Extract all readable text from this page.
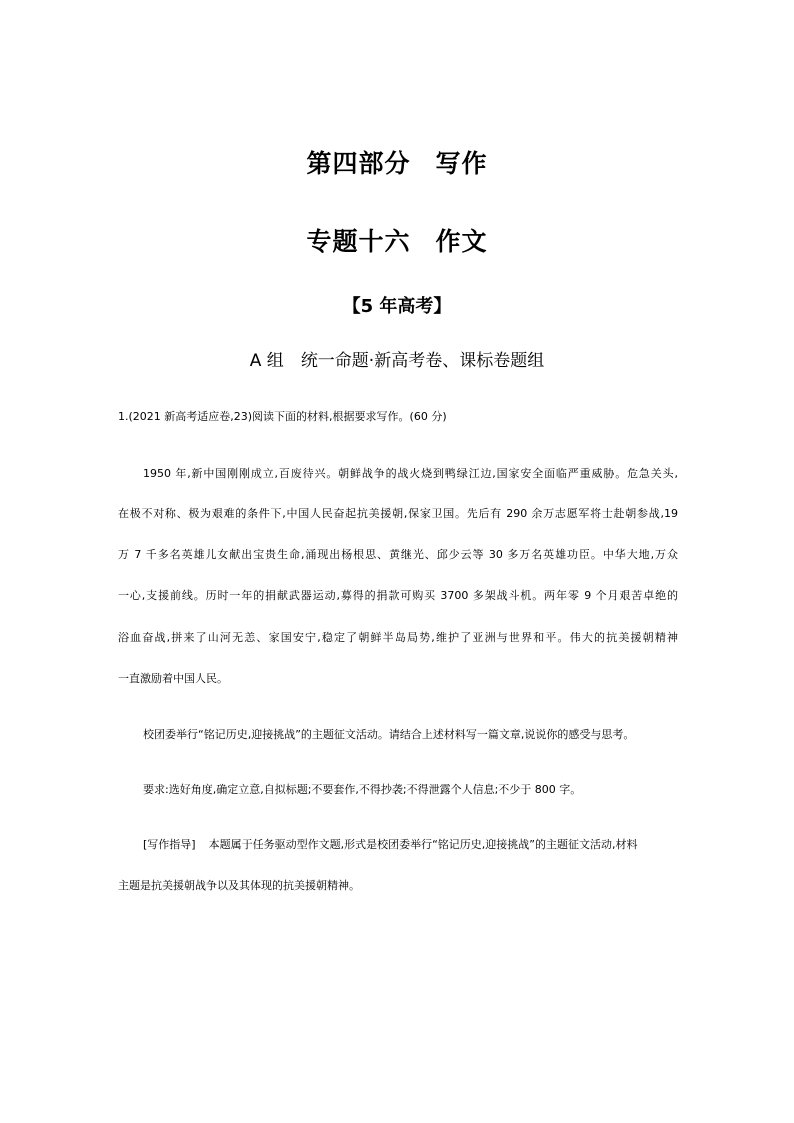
第四部分 写作
专题十六 作文
【5 年高考】
A 组 统一命题·新高考卷、课标卷题组
1.(2021 新高考适应卷,23)阅读下面的材料,根据要求写作。(60 分)
1950 年,新中国刚刚成立,百废待兴。朝鲜战争的战火烧到鸭绿江边,国家安全面临严重威胁。危急关头,
在极不对称、极为艰难的条件下,中国人民奋起抗美援朝,保家卫国。先后有 290 余万志愿军将士赴朝参战,19
万 7 千多名英雄儿女献出宝贵生命,涌现出杨根思、黄继光、邱少云等 30 多万名英雄功臣。中华大地,万众
一心,支援前线。历时一年的捐献武器运动,募得的捐款可购买 3700 多架战斗机。两年零 9 个月艰苦卓绝的
浴血奋战,拼来了山河无恙、家国安宁,稳定了朝鲜半岛局势,维护了亚洲与世界和平。伟大的抗美援朝精神
一直激励着中国人民。
校团委举行“铭记历史,迎接挑战”的主题征文活动。请结合上述材料写一篇文章,说说你的感受与思考。
要求:选好角度,确定立意,自拟标题;不要套作,不得抄袭;不得泄露个人信息;不少于 800 字。
[写作指导] 本题属于任务驱动型作文题,形式是校团委举行“铭记历史,迎接挑战”的主题征文活动,材料
主题是抗美援朝战争以及其体现的抗美援朝精神。
